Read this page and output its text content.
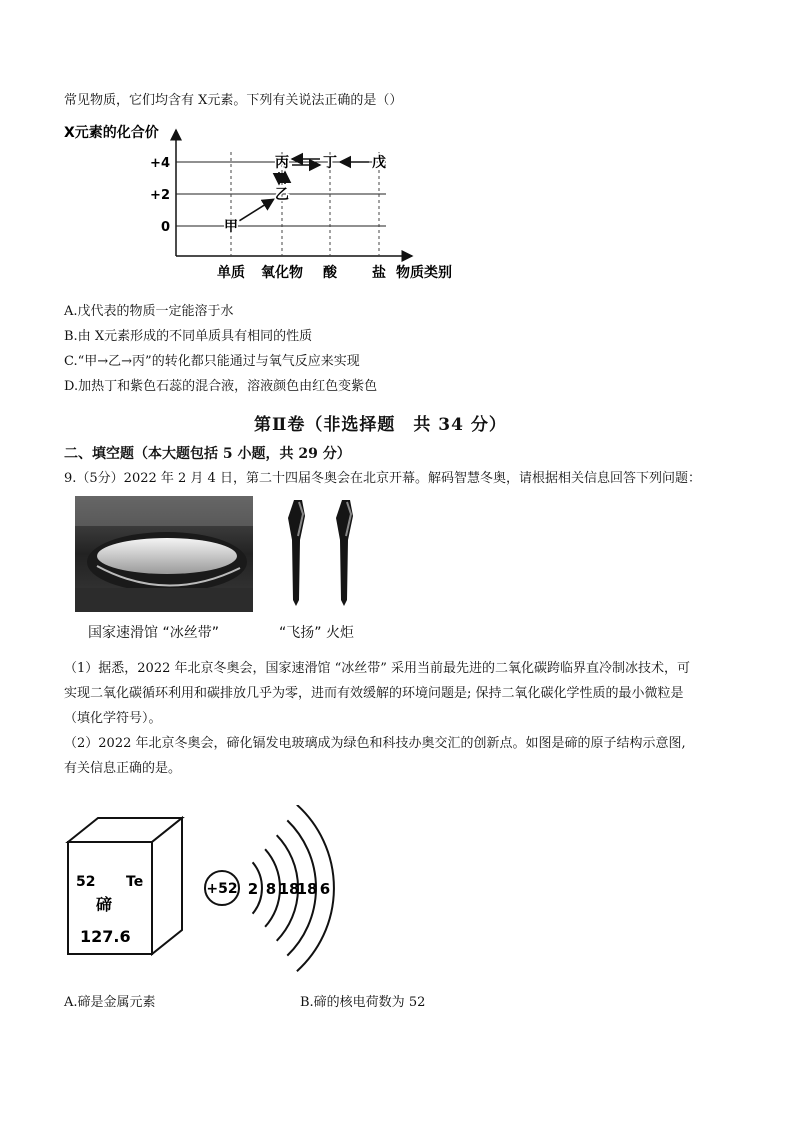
常见物质，它们均含有 X元素。下列有关说法正确的是（）
X元素的化合价
物质类别
+4
+2
0
单质 氧化物 酸	盐
甲
乙
丙 丁	戊
A.戊代表的物质一定能溶于水
B.由 X元素形成的不同单质具有相同的性质
C.“甲→乙→丙”的转化都只能通过与氧气反应来实现
D.加热丁和紫色石蕊的混合液，溶液颜色由红色变紫色
第Ⅱ卷（非选择题　共 34 分）
二、填空题（本大题包括 5 小题，共 29 分）
9.（5分）2022 年 2 月 4 日，第二十四届冬奥会在北京开幕。解码智慧冬奥，请根据相关信息回答下列问题：
国家速滑馆 “冰丝带”	“飞扬” 火炬
（1）据悉，2022 年北京冬奥会，国家速滑馆 “冰丝带” 采用当前最先进的二氧化碳跨临界直冷制冰技术，可
实现二氧化碳循环利用和碳排放几乎为零，进而有效缓解的环境问题是; 保持二氧化碳化学性质的最小微粒是
（填化学符号）。
（2）2022 年北京冬奥会，碲化镉发电玻璃成为绿色和科技办奥交汇的创新点。如图是碲的原子结构示意图,
有关信息正确的是。
52 Te
碲
127.6
+52 2 8 18
18 6
A.碲是金属元素	B.碲的核电荷数为 52
